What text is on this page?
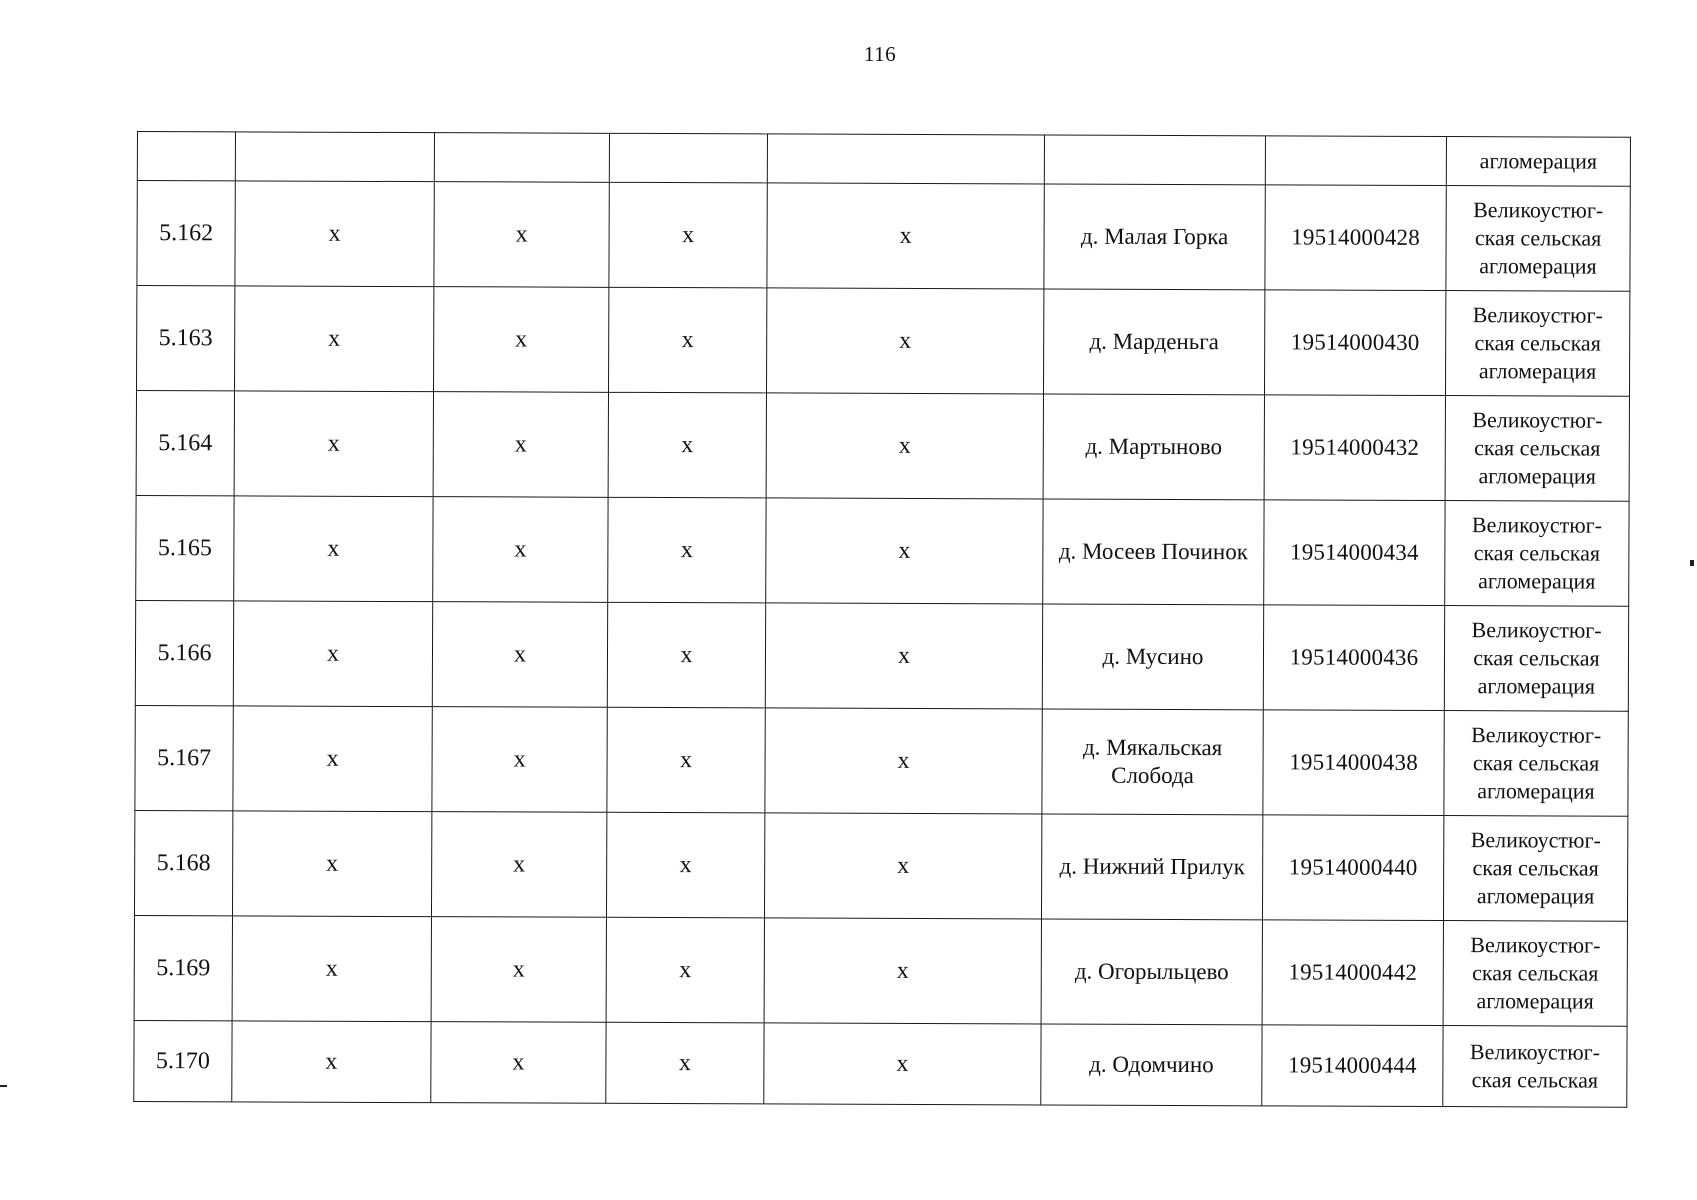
116
							агломерация
5.162	х	х	х	х	д. Малая Горка	19514000428	Великоустюг-
ская сельская
агломерация

5.163	х	х	х	х	д. Марденьга	19514000430	Великоустюг-
ская сельская
агломерация

5.164	х	х	х	х	д. Мартыново	19514000432	Великоустюг-
ская сельская
агломерация

5.165	х	х	х	х	д. Мосеев Починок	19514000434	Великоустюг-
ская сельская
агломерация

5.166	х	х	х	х	д. Мусино	19514000436	Великоустюг-
ская сельская
агломерация

5.167	х	х	х	х	д. Мякальская Слобода	19514000438	Великоустюг-
ская сельская
агломерация

5.168	х	х	х	х	д. Нижний Прилук	19514000440	Великоустюг-
ская сельская
агломерация

5.169	х	х	х	х	д. Огорыльцево	19514000442	Великоустюг-
ская сельская
агломерация

5.170	х	х	х	х	д. Одомчино	19514000444	Великоустюг-
ская сельская
